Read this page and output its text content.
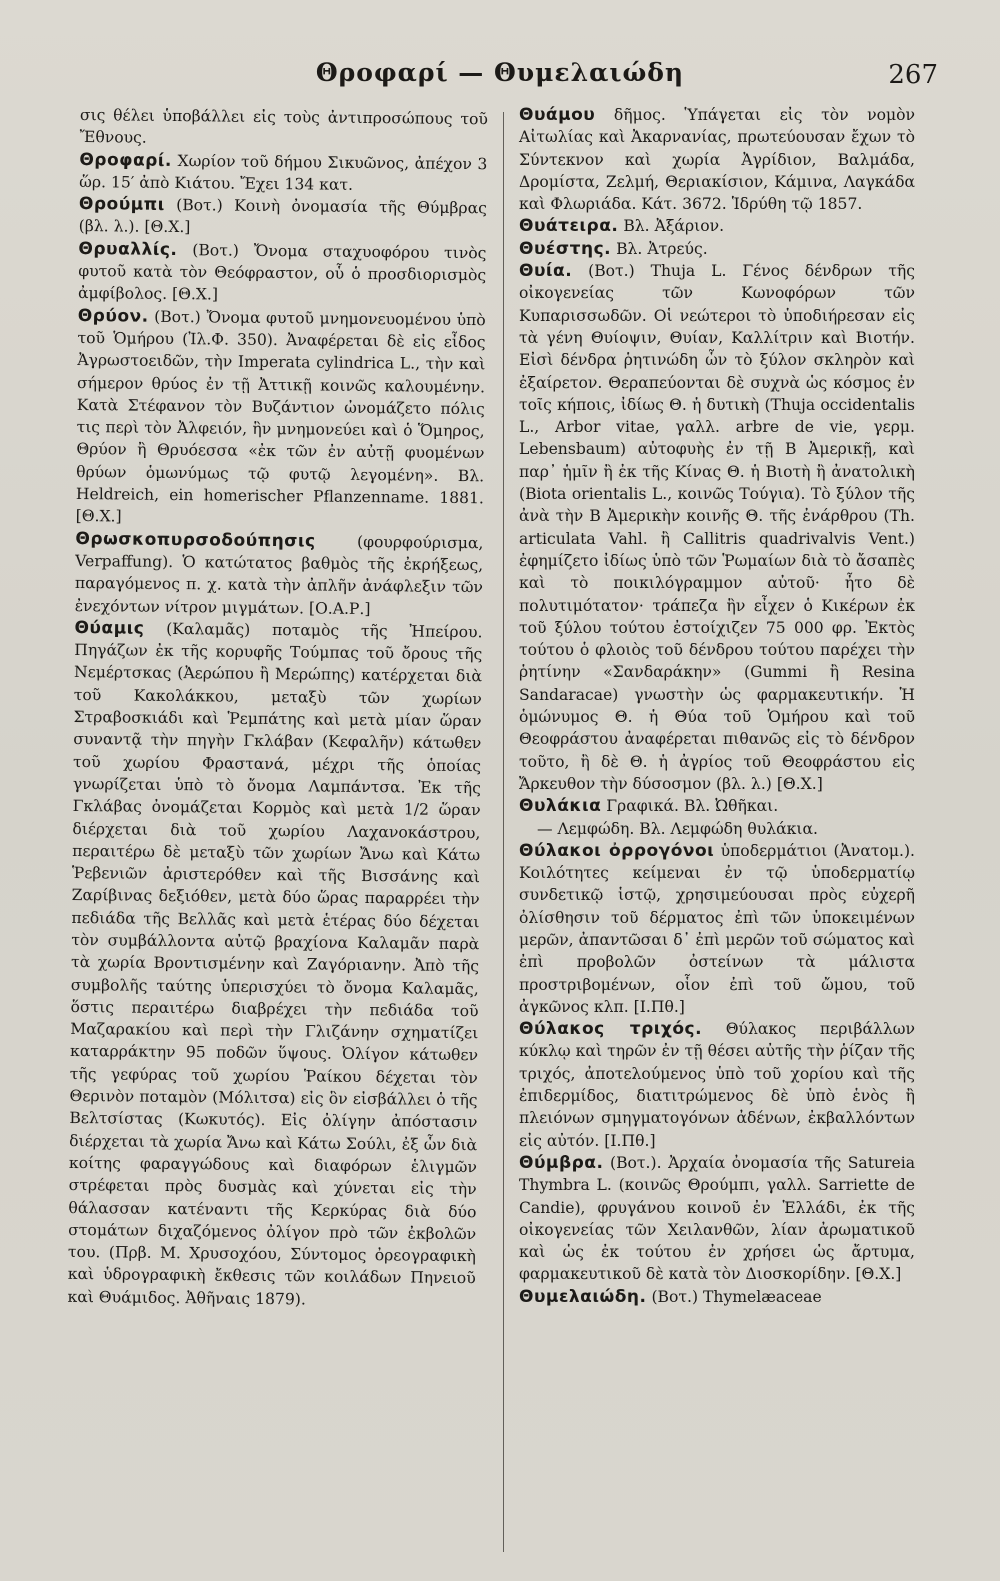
Θροφαρί — Θυμελαιώδη	267

σις θέλει ὑποβάλλει εἰς τοὺς ἀντιπροσώπους τοῦ Ἔθνους.

Θροφαρί. Χωρίον τοῦ δήμου Σικυῶνος, ἀπέχον 3 ὥρ. 15′ ἀπὸ Κιάτου. Ἔχει 134 κατ.

Θρούμπι (Βοτ.) Κοινὴ ὀνομασία τῆς Θύμβρας (βλ. λ.). [Θ.Χ.]

Θρυαλλίς. (Βοτ.) Ὄνομα σταχυοφόρου τινὸς φυτοῦ κατὰ τὸν Θεόφραστον, οὗ ὁ προσδιορισμὸς ἀμφίβολος. [Θ.Χ.]

Θρύον. (Βοτ.) Ὄνομα φυτοῦ μνημονευομένου ὑπὸ τοῦ Ὁμήρου (Ἰλ.Φ. 350). Ἀναφέρεται δὲ εἰς εἶδος Ἀγρωστοειδῶν, τὴν Imperata cylindrica L., τὴν καὶ σήμερον θρύος ἐν τῇ Ἀττικῇ κοινῶς καλουμένην. Κατὰ Στέφανον τὸν Βυζάντιον ὠνομάζετο πόλις τις περὶ τὸν Ἀλφειόν, ἣν μνημονεύει καὶ ὁ Ὅμηρος, Θρύον ἢ Θρυόεσσα «ἐκ τῶν ἐν αὐτῇ φυομένων θρύων ὁμωνύμως τῷ φυτῷ λεγομένη». Βλ. Heldreich, ein homerischer Pflanzenname. 1881. [Θ.Χ.]

Θρωσκοπυρσοδούπησις	(φουρφούρισμα, Verpaffung). Ὁ κατώτατος βαθμὸς τῆς ἐκρήξεως, παραγόμενος π. χ. κατὰ τὴν ἀπλῆν ἀνάφλεξιν τῶν ἐνεχόντων νίτρον μιγμάτων. [Ο.Α.Ρ.]

Θύαμις (Καλαμᾶς) ποταμὸς τῆς Ἠπείρου. Πηγάζων ἐκ τῆς κορυφῆς Τούμπας τοῦ ὄρους τῆς Νεμέρτσκας (Ἀερώπου ἢ Μερώπης) κατέρχεται διὰ τοῦ Κακολάκκου, μεταξὺ τῶν χωρίων Στραβοσκιάδι καὶ Ῥεμπάτης καὶ μετὰ μίαν ὥραν συναντᾷ τὴν πηγὴν Γκλάβαν (Κεφαλῆν) κάτωθεν τοῦ χωρίου Φραστανά, μέχρι τῆς ὁποίας γνωρίζεται ὑπὸ τὸ ὄνομα Λαμπάντσα. Ἐκ τῆς Γκλάβας ὀνομάζεται Κορμὸς καὶ μετὰ 1/2 ὥραν διέρχεται διὰ τοῦ χωρίου Λαχανοκάστρου, περαιτέρω δὲ μεταξὺ τῶν χωρίων Ἄνω καὶ Κάτω Ῥεβενιῶν ἀριστερόθεν καὶ τῆς Βισσάνης καὶ Ζαρίβινας δεξιόθεν, μετὰ δύο ὥρας παραρρέει τὴν πεδιάδα τῆς Βελλᾶς καὶ μετὰ ἑτέρας δύο δέχεται τὸν συμβάλλοντα αὐτῷ βραχίονα Καλαμᾶν παρὰ τὰ χωρία Βροντισμένην καὶ Ζαγόριανην. Ἀπὸ τῆς συμβολῆς ταύτης ὑπερισχύει τὸ ὄνομα Καλαμᾶς, ὅστις περαιτέρω διαβρέχει τὴν πεδιάδα τοῦ Μαζαρακίου καὶ περὶ τὴν Γλιζάνην σχηματίζει καταρράκτην 95 ποδῶν ὕψους. Ὀλίγον κάτωθεν τῆς γεφύρας τοῦ χωρίου Ῥαίκου δέχεται τὸν Θερινὸν ποταμὸν (Μόλιτσα) εἰς ὃν εἰσβάλλει ὁ τῆς Βελτσίστας (Κωκυτός). Εἰς ὀλίγην ἀπόστασιν διέρχεται τὰ χωρία Ἄνω καὶ Κάτω Σούλι, ἐξ ὧν διὰ κοίτης φαραγγώδους καὶ διαφόρων ἑλιγμῶν στρέφεται πρὸς δυσμὰς καὶ χύνεται εἰς τὴν θάλασσαν κατέναντι τῆς Κερκύρας διὰ δύο στομάτων διχαζόμενος ὀλίγον πρὸ τῶν ἐκβολῶν του. (Πρβ. Μ. Χρυσοχόου, Σύντομος ὀρεογραφικὴ καὶ ὑδρογραφικὴ ἔκθεσις τῶν κοιλάδων Πηνειοῦ καὶ Θυάμιδος. Ἀθῆναις 1879).

Θυάμου δῆμος. Ὑπάγεται εἰς τὸν νομὸν Αἰτωλίας καὶ Ἀκαρνανίας, πρωτεύουσαν ἔχων τὸ Σύντεκνον καὶ χωρία Ἀγρίδιον, Βαλμάδα, Δρομίστα, Ζελμή, Θεριακίσιον, Κάμινα, Λαγκάδα καὶ Φλωριάδα. Κάτ. 3672. Ἱδρύθη τῷ 1857.

Θυάτειρα. Βλ. Ἀξάριον.

Θυέστης. Βλ. Ἀτρεύς.

Θυία. (Βοτ.) Thuja L. Γένος δένδρων τῆς οἰκογενείας τῶν Κωνοφόρων τῶν Κυπαρισσωδῶν. Οἱ νεώτεροι τὸ ὑποδιήρεσαν εἰς τὰ γένη Θυίοψιν, Θυίαν, Καλλίτριν καὶ Βιοτήν. Εἰσὶ δένδρα ῥητινώδη ὧν τὸ ξύλον σκληρὸν καὶ ἐξαίρετον. Θεραπεύονται δὲ συχνὰ ὡς κόσμος ἐν τοῖς κήποις, ἰδίως Θ. ἡ δυτικὴ (Thuja occidentalis L., Arbor vitae, γαλλ. arbre de vie, γερμ. Lebensbaum) αὐτοφυὴς ἐν τῇ Β Ἀμερικῇ, καὶ παρ᾽ ἡμῖν ἢ ἐκ τῆς Κίνας Θ. ἡ Βιοτὴ ἢ ἀνατολικὴ (Biota orientalis L., κοινῶς Τούγια). Τὸ ξύλον τῆς ἀνὰ τὴν Β Ἀμερικὴν κοινῆς Θ. τῆς ἐνάρθρου (Th. articulata Vahl. ἢ Callitris quadrivalvis Vent.) ἐφημίζετο ἰδίως ὑπὸ τῶν Ῥωμαίων διὰ τὸ ἄσαπὲς καὶ τὸ ποικιλόγραμμον αὐτοῦ· ἦτο δὲ πολυτιμότατον· τράπεζα ἣν εἶχεν ὁ Κικέρων ἐκ τοῦ ξύλου τούτου ἐστοίχιζεν 75 000 φρ. Ἐκτὸς τούτου ὁ φλοιὸς τοῦ δένδρου τούτου παρέχει τὴν ῥητίνην «Σανδαράκην» (Gummi ἢ Resina Sandaracae) γνωστὴν ὡς φαρμακευτικήν. Ἡ ὁμώνυμος Θ. ἡ Θύα τοῦ Ὁμήρου καὶ τοῦ Θεοφράστου ἀναφέρεται πιθανῶς εἰς τὸ δένδρον τοῦτο, ἢ δὲ Θ. ἡ ἀγρίος τοῦ Θεοφράστου εἰς Ἄρκευθον τὴν δύσοσμον (βλ. λ.) [Θ.Χ.]

Θυλάκια Γραφικά. Βλ. Ὠθῆκαι.

— Λεμφώδη. Βλ. Λεμφώδη θυλάκια.

Θύλακοι ὀρρογόνοι ὑποδερμάτιοι (Ἀνατομ.). Κοιλότητες κείμεναι ἐν τῷ ὑποδερματίῳ συνδετικῷ ἱστῷ, χρησιμεύουσαι πρὸς εὐχερῆ ὀλίσθησιν τοῦ δέρματος ἐπὶ τῶν ὑποκειμένων μερῶν, ἀπαντῶσαι δ᾽ ἐπὶ μερῶν τοῦ σώματος καὶ ἐπὶ προβολῶν ὀστείνων τὰ μάλιστα προστριβομένων, οἷον ἐπὶ τοῦ ὤμου, τοῦ ἀγκῶνος κλπ. [Ι.Πθ.]

Θύλακος τριχός. Θύλακος περιβάλλων κύκλῳ καὶ τηρῶν ἐν τῇ θέσει αὐτῆς τὴν ῥίζαν τῆς τριχός, ἀποτελούμενος ὑπὸ τοῦ χορίου καὶ τῆς ἐπιδερμίδος, διατιτρώμενος δὲ ὑπὸ ἑνὸς ἢ πλειόνων σμηγματογόνων ἀδένων, ἐκβαλλόντων εἰς αὐτόν. [Ι.Πθ.]

Θύμβρα. (Βοτ.). Ἀρχαία ὀνομασία τῆς Satureia Thymbra L. (κοινῶς Θρούμπι, γαλλ. Sarriette de Candie), φρυγάνου κοινοῦ ἐν Ἑλλάδι, ἐκ τῆς οἰκογενείας τῶν Χειλανθῶν, λίαν ἀρωματικοῦ καὶ ὡς ἐκ τούτου ἐν χρήσει ὡς ἄρτυμα, φαρμακευτικοῦ δὲ κατὰ τὸν Διοσκορίδην. [Θ.Χ.]

Θυμελαιώδη. (Βοτ.) Thymelæaceae
